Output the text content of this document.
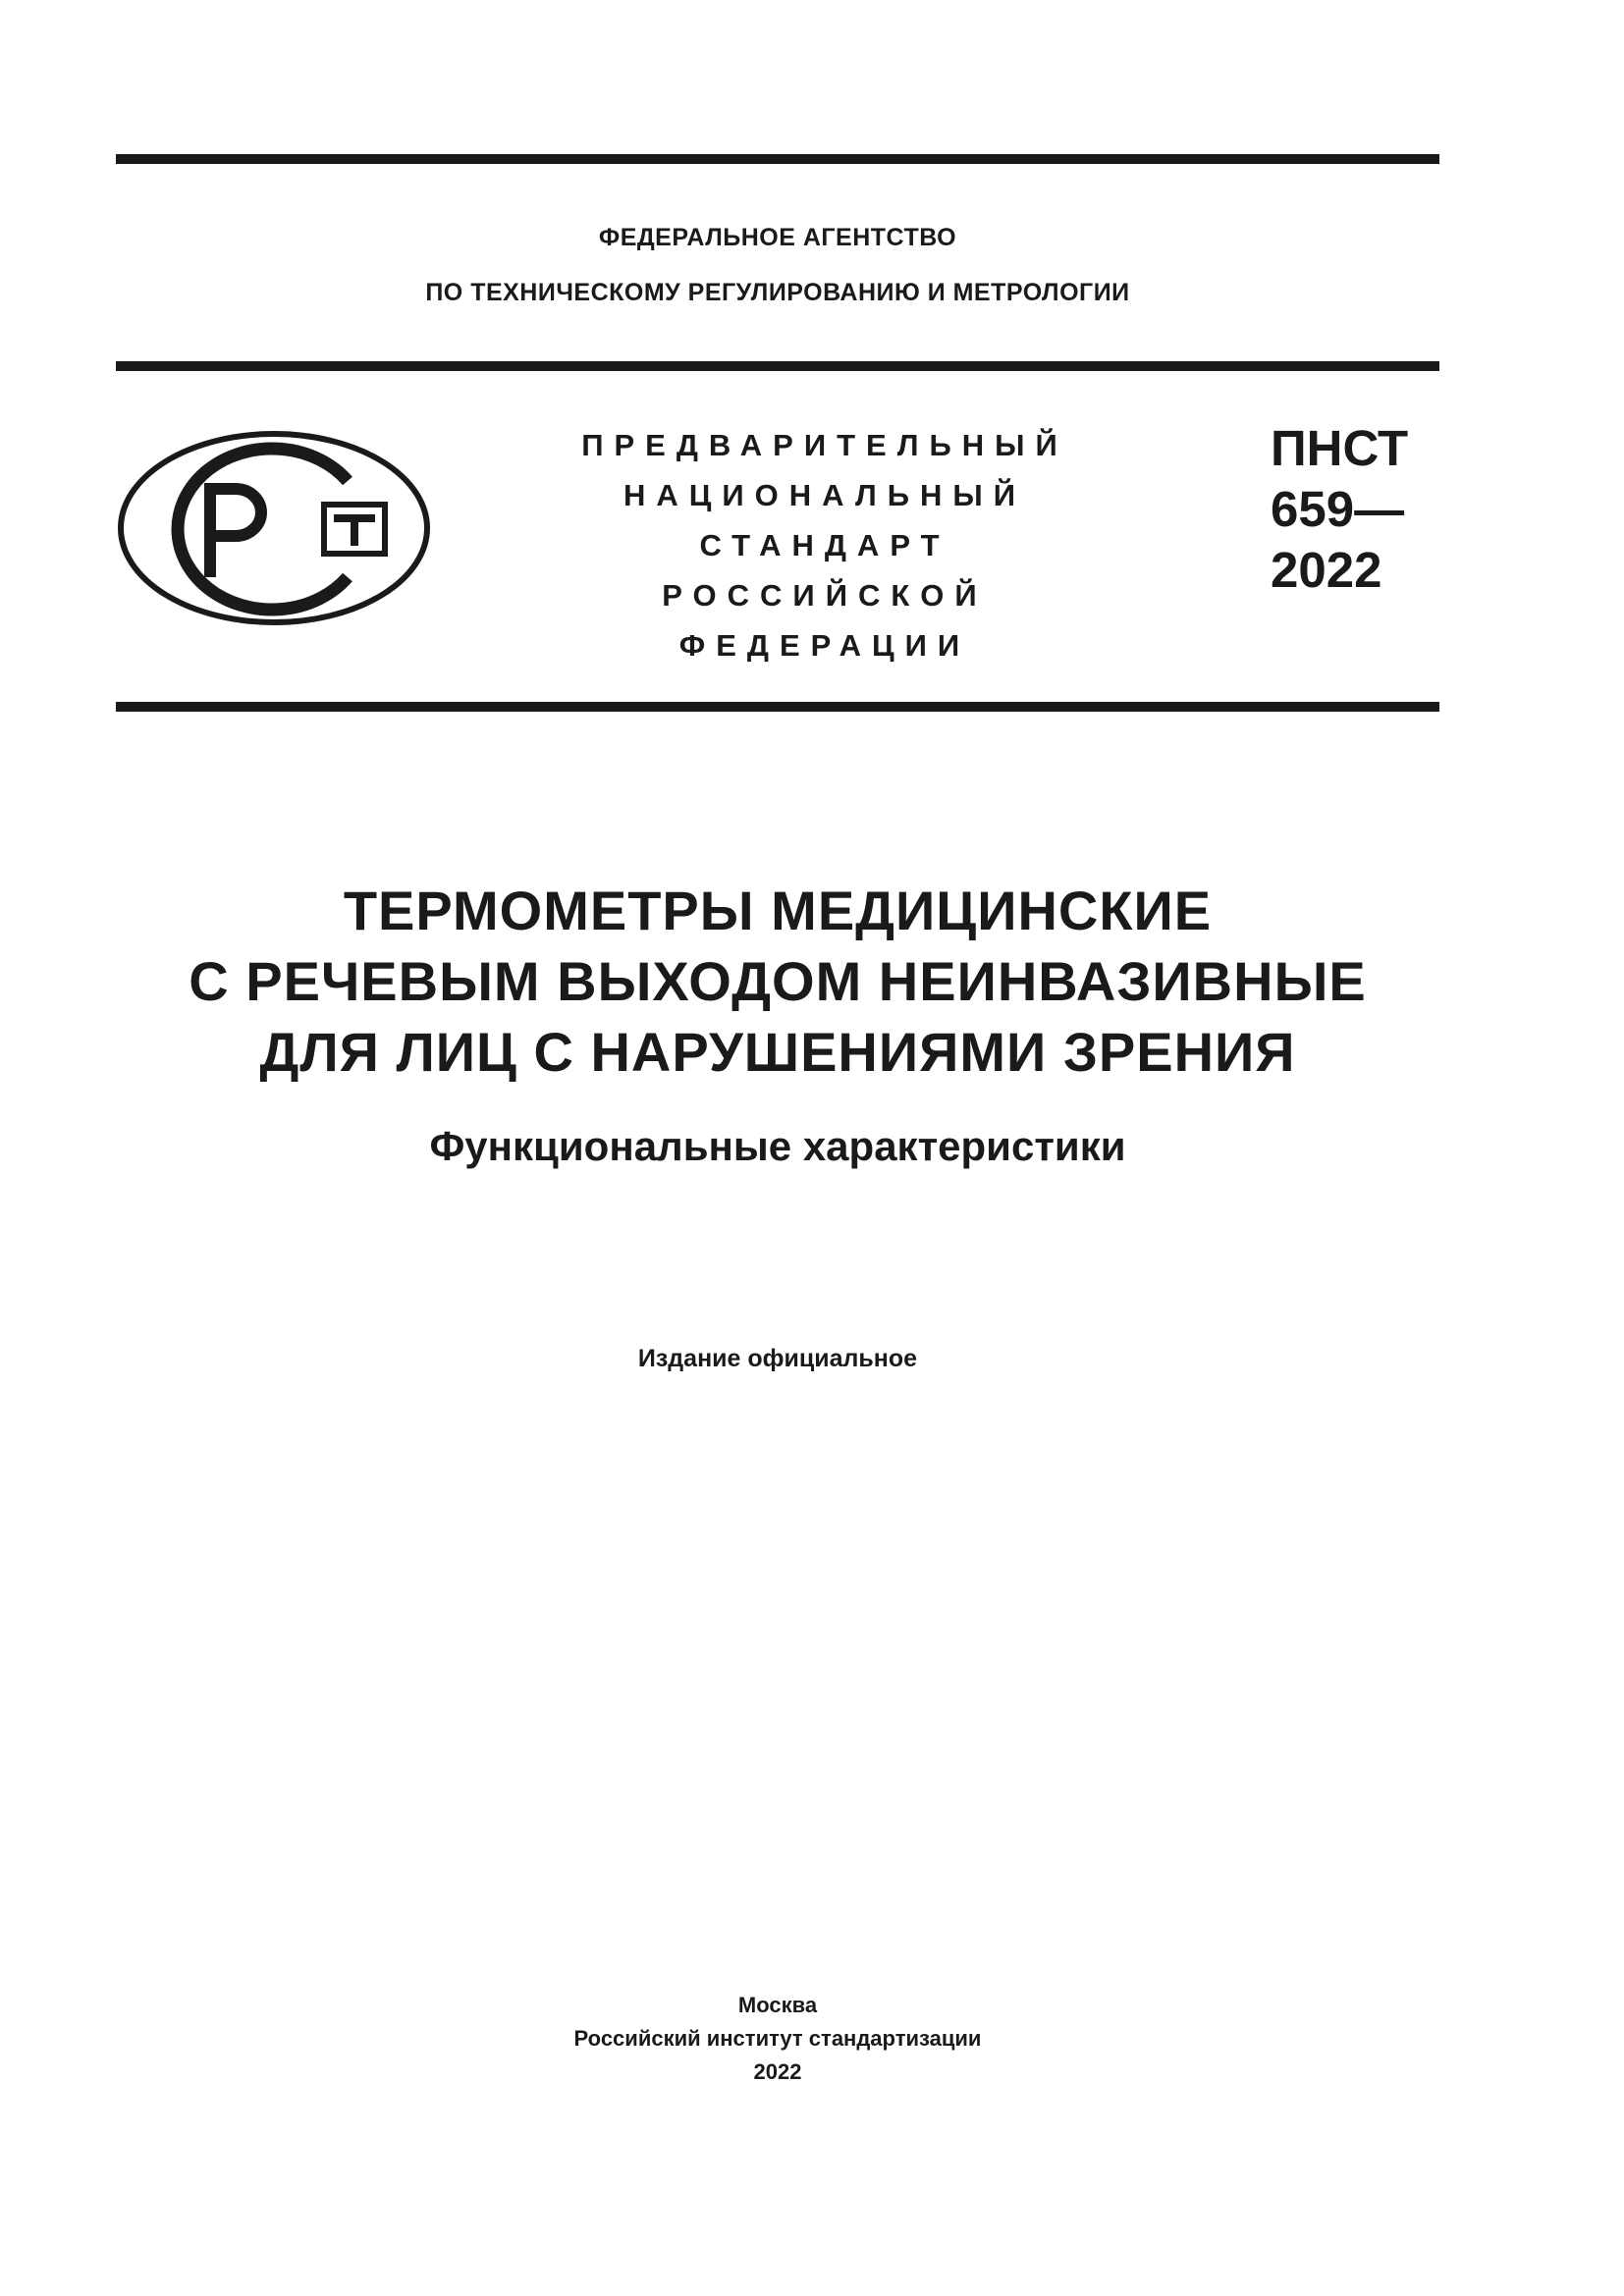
ФЕДЕРАЛЬНОЕ АГЕНТСТВО
ПО ТЕХНИЧЕСКОМУ РЕГУЛИРОВАНИЮ И МЕТРОЛОГИИ
ПРЕДВАРИТЕЛЬНЫЙ
НАЦИОНАЛЬНЫЙ
СТАНДАРТ
РОССИЙСКОЙ
ФЕДЕРАЦИИ
ПНСТ
659—
2022
ТЕРМОМЕТРЫ МЕДИЦИНСКИЕ
С РЕЧЕВЫМ ВЫХОДОМ НЕИНВАЗИВНЫЕ
ДЛЯ ЛИЦ С НАРУШЕНИЯМИ ЗРЕНИЯ
Функциональные характеристики
Издание официальное
Москва
Российский институт стандартизации
2022
